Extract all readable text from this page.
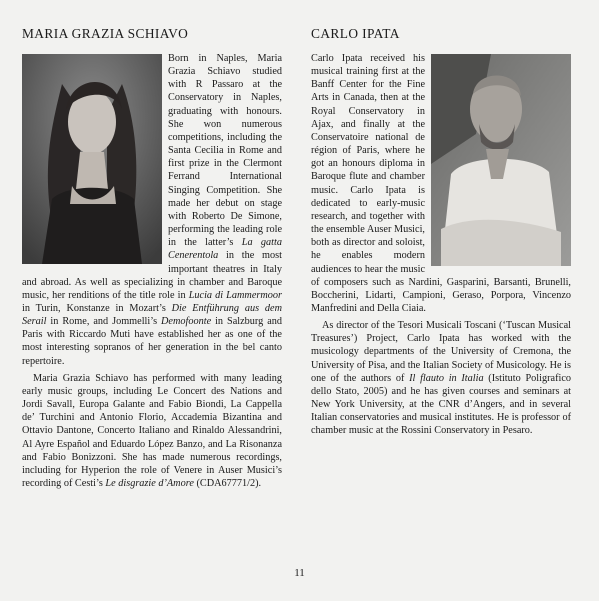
MARIA GRAZIA SCHIAVO

Born in Naples, Maria Grazia Schiavo studied with R Passaro at the Conservatory in Naples, graduating with honours. She won numerous competitions, including the Santa Cecilia in Rome and first prize in the Clermont Ferrand International Singing Competition. She made her debut on stage with Roberto De Simone, performing the leading role in the latter’s La gatta Cenerentola in the most important theatres in Italy and abroad. As well as specializing in chamber and Baroque music, her renditions of the title role in Lucia di Lammermoor in Turin, Konstanze in Mozart’s Die Entführung aus dem Serail in Rome, and Jommelli’s Demofoonte in Salzburg and Paris with Riccardo Muti have established her as one of the most interesting sopranos of her generation in the bel canto repertoire.

Maria Grazia Schiavo has performed with many leading early music groups, including Le Concert des Nations and Jordi Savall, Europa Galante and Fabio Biondi, La Cappella de’ Turchini and Antonio Florio, Accademia Bizantina and Ottavio Dantone, Concerto Italiano and Rinaldo Alessandrini, Al Ayre Español and Eduardo López Banzo, and La Risonanza and Fabio Bonizzoni. She has made numerous recordings, including for Hyperion the role of Venere in Auser Musici’s recording of Cesti’s Le disgrazie d’Amore (CDA67771/2).

CARLO IPATA

Carlo Ipata received his musical training first at the Banff Center for the Fine Arts in Canada, then at the Royal Conservatory in Ajax, and finally at the Conservatoire national de région of Paris, where he got an honours diploma in Baroque flute and chamber music. Carlo Ipata is dedicated to early-music research, and together with the ensemble Auser Musici, both as director and soloist, he enables modern audiences to hear the music of composers such as Nardini, Gasparini, Barsanti, Brunelli, Boccherini, Lidarti, Campioni, Geraso, Porpora, Vincenzo Manfredini and Della Ciaia.

As director of the Tesori Musicali Toscani (‘Tuscan Musical Treasures’) Project, Carlo Ipata has worked with the musicology departments of the University of Cremona, the University of Pisa, and the Italian Society of Musicology. He is one of the authors of Il flauto in Italia (Istituto Poligrafico dello Stato, 2005) and he has given courses and seminars at New York University, at the CNR d’Angers, and in several Italian conservatories and musical institutes. He is professor of chamber music at the Rossini Conservatory in Pesaro.

11
